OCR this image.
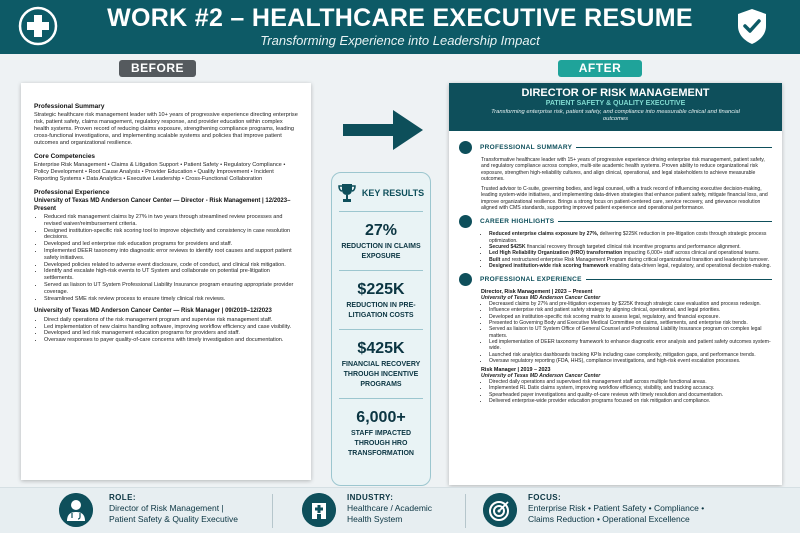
WORK #2 – HEALTHCARE EXECUTIVE RESUME
Transforming Experience into Leadership Impact
BEFORE	AFTER
Professional Summary
Strategic healthcare risk management leader with 10+ years of progressive experience directing enterprise risk, patient safety, claims management, regulatory response, and provider education within complex health systems. Proven record of reducing claims exposure, strengthening compliance programs, leading cross-functional investigations, and implementing scalable systems and policies that improve patient outcomes and organizational resilience.
Core Competencies
Enterprise Risk Management • Claims & Litigation Support • Patient Safety • Regulatory Compliance • Policy Development • Root Cause Analysis • Provider Education • Quality Improvement • Incident Reporting Systems • Data Analytics • Executive Leadership • Cross-Functional Collaboration
Professional Experience
University of Texas MD Anderson Cancer Center — Director - Risk Management | 12/2023–Present
• Reduced risk management claims by 27% in two years through streamlined review processes and revised waiver/reimbursement criteria.
• Designed institution-specific risk scoring tool to improve objectivity and consistency in case resolution decisions.
• Developed and led enterprise risk education programs for providers and staff.
• Implemented DEER taxonomy into diagnostic error reviews to identify root causes and support patient safety initiatives.
• Developed policies related to adverse event disclosure, code of conduct, and clinical risk mitigation.
• Identify and escalate high-risk events to UT System and collaborate on potential pre-litigation settlements.
• Served as liaison to UT System Professional Liability Insurance program ensuring appropriate provider coverage.
• Streamlined SME risk review process to ensure timely clinical risk reviews.
University of Texas MD Anderson Cancer Center — Risk Manager | 09/2019–12/2023
• Direct daily operations of the risk management program and supervise risk management staff.
• Led implementation of new claims handling software, improving workflow efficiency and case visibility.
• Developed and led risk management education programs for providers and staff.
• Oversaw responses to payer quality-of-care concerns with timely investigation and documentation.
KEY RESULTS
27%
REDUCTION IN CLAIMS EXPOSURE
$225K
REDUCTION IN PRE-LITIGATION COSTS
$425K
FINANCIAL RECOVERY THROUGH INCENTIVE PROGRAMS
6,000+
STAFF IMPACTED THROUGH HRO TRANSFORMATION
DIRECTOR OF RISK MANAGEMENT
PATIENT SAFETY & QUALITY EXECUTIVE
Transforming enterprise risk, patient safety, and compliance into measurable clinical and financial outcomes
PROFESSIONAL SUMMARY
Transformative healthcare leader with 15+ years of progressive experience driving enterprise risk management, patient safety, and regulatory compliance across complex, multi-site academic health systems. Proven ability to reduce organizational risk exposure, strengthen high-reliability cultures, and align clinical, operational, and legal stakeholders to achieve measurable outcomes.
Trusted advisor to C-suite, governing bodies, and legal counsel, with a track record of influencing executive decision-making, leading system-wide initiatives, and implementing data-driven strategies that enhance patient safety, mitigate financial loss, and improve organizational resilience. Brings a strong focus on patient-centered care, service recovery, and grievance resolution aligned with CMS standards, supporting improved patient experience and operational performance.
CAREER HIGHLIGHTS
• Reduced enterprise claims exposure by 27%, delivering $225K reduction in pre-litigation costs through strategic process optimization.
• Secured $425K financial recovery through targeted clinical risk incentive programs and performance alignment.
• Led High Reliability Organization (HRO) transformation impacting 6,000+ staff across clinical and operational teams.
• Built and restructured enterprise Risk Management Program during critical organizational transition and leadership turnover.
• Designed institution-wide risk scoring framework enabling data-driven legal, regulatory, and operational decision-making.
PROFESSIONAL EXPERIENCE
Director, Risk Management | 2023 – Present
University of Texas MD Anderson Cancer Center
• Decreased claims by 27% and pre-litigation expenses by $225K through strategic case evaluation and process redesign.
• Influence enterprise risk and patient safety strategy by aligning clinical, operational, and legal priorities.
• Developed an institution-specific risk scoring matrix to assess legal, regulatory, and financial exposure.
• Presented to Governing Body and Executive Medical Committee on claims, settlements, and enterprise risk trends.
• Served as liaison to UT System Office of General Counsel and Professional Liability Insurance program on complex legal matters.
• Led implementation of DEER taxonomy framework to enhance diagnostic error analysis and patient safety outcomes system-wide.
• Launched risk analytics dashboards tracking KPIs including case complexity, mitigation gaps, and performance trends.
• Oversaw regulatory reporting (FDA, HHS), compliance investigations, and high-risk event escalation processes.
Risk Manager | 2019 – 2023
University of Texas MD Anderson Cancer Center
• Directed daily operations and supervised risk management staff across multiple functional areas.
• Implemented RL Datix claims system, improving workflow efficiency, visibility, and tracking accuracy.
• Spearheaded payer investigations and quality-of-care reviews with timely resolution and documentation.
• Delivered enterprise-wide provider education programs focused on risk mitigation and compliance.
ROLE:
Director of Risk Management |
Patient Safety & Quality Executive
INDUSTRY:
Healthcare / Academic
Health System
FOCUS:
Enterprise Risk • Patient Safety • Compliance •
Claims Reduction • Operational Excellence
